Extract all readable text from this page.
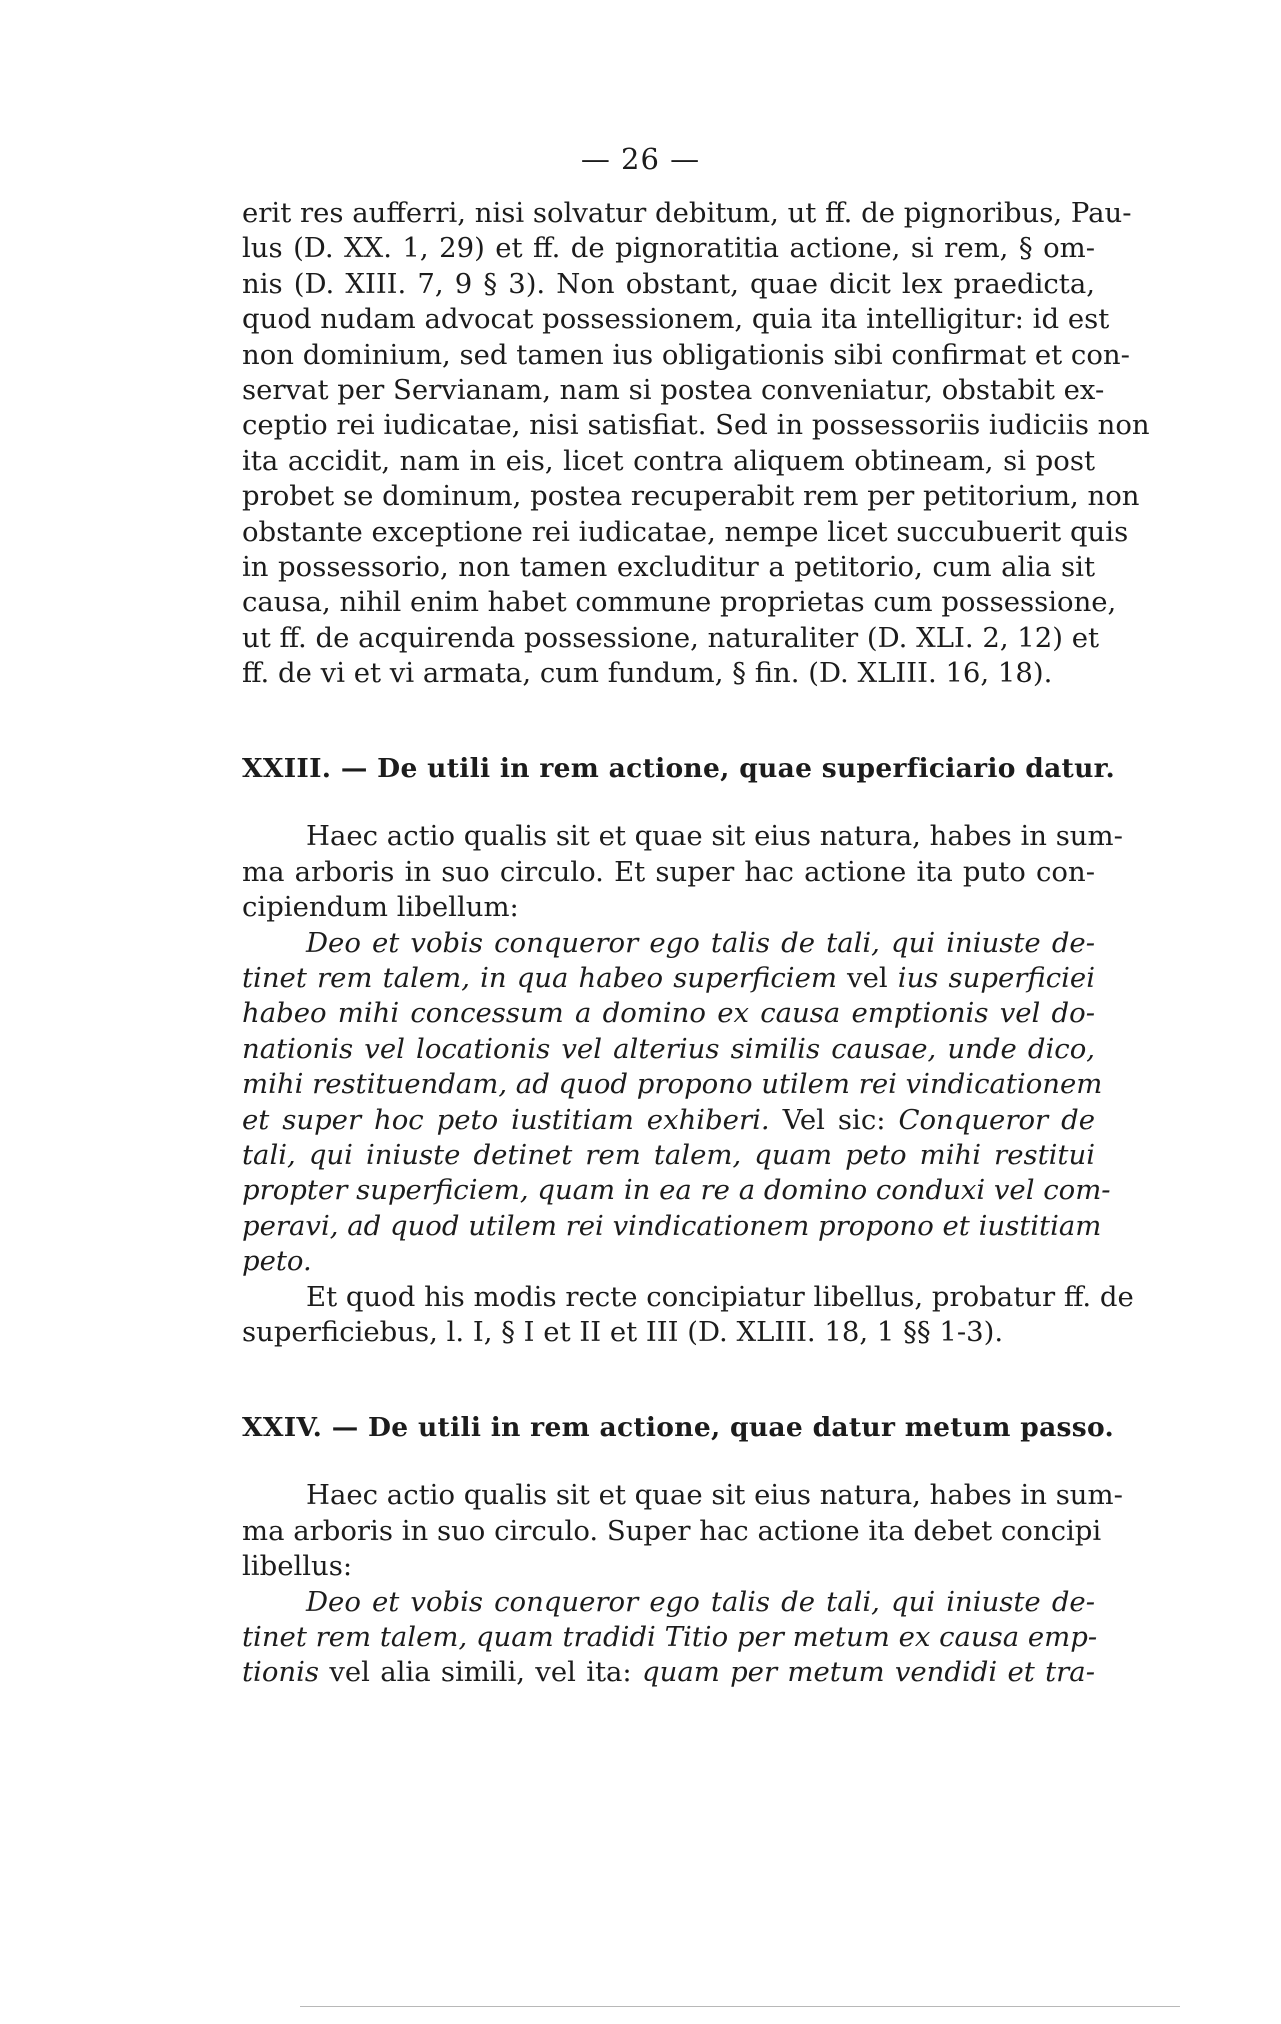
— 26 —
erit res aufferri, nisi solvatur debitum, ut ff. de pignoribus, Pau-
lus (D. XX. 1, 29) et ff. de pignoratitia actione, si rem, § om-
nis (D. XIII. 7, 9 § 3). Non obstant, quae dicit lex praedicta,
quod nudam advocat possessionem, quia ita intelligitur: id est
non dominium, sed tamen ius obligationis sibi confirmat et con-
servat per Servianam, nam si postea conveniatur, obstabit ex-
ceptio rei iudicatae, nisi satisfiat. Sed in possessoriis iudiciis non
ita accidit, nam in eis, licet contra aliquem obtineam, si post
probet se dominum, postea recuperabit rem per petitorium, non
obstante exceptione rei iudicatae, nempe licet succubuerit quis
in possessorio, non tamen excluditur a petitorio, cum alia sit
causa, nihil enim habet commune proprietas cum possessione,
ut ff. de acquirenda possessione, naturaliter (D. XLI. 2, 12) et
ff. de vi et vi armata, cum fundum, § fin. (D. XLIII. 16, 18).
XXIII. — De utili in rem actione, quae superficiario datur.
Haec actio qualis sit et quae sit eius natura, habes in sum-
ma arboris in suo circulo. Et super hac actione ita puto con-
cipiendum libellum:
Deo et vobis conqueror ego talis de tali, qui iniuste de-
tinet rem talem, in qua habeo superficiem vel ius superficiei
habeo mihi concessum a domino ex causa emptionis vel do-
nationis vel locationis vel alterius similis causae, unde dico,
mihi restituendam, ad quod propono utilem rei vindicationem
et super hoc peto iustitiam exhiberi. Vel sic: Conqueror de
tali, qui iniuste detinet rem talem, quam peto mihi restitui
propter superficiem, quam in ea re a domino conduxi vel com-
peravi, ad quod utilem rei vindicationem propono et iustitiam
peto.
Et quod his modis recte concipiatur libellus, probatur ff. de
superficiebus, l. I, § I et II et III (D. XLIII. 18, 1 §§ 1-3).
XXIV. — De utili in rem actione, quae datur metum passo.
Haec actio qualis sit et quae sit eius natura, habes in sum-
ma arboris in suo circulo. Super hac actione ita debet concipi
libellus:
Deo et vobis conqueror ego talis de tali, qui iniuste de-
tinet rem talem, quam tradidi Titio per metum ex causa emp-
tionis vel alia simili, vel ita: quam per metum vendidi et tra-
